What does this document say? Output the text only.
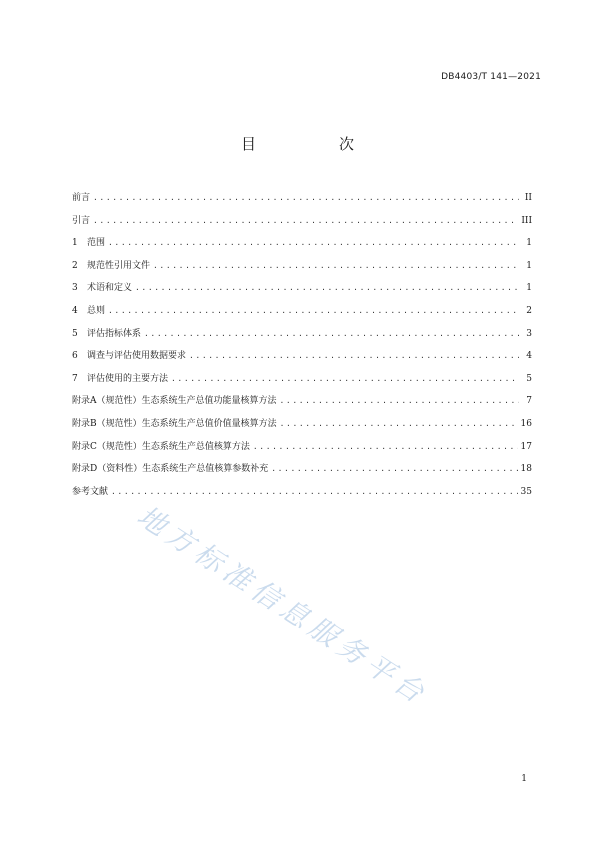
DB4403/T 141—2021
目　次
前言 .....	II
引言 .....	III
1	范围 .....	1
2	规范性引用文件 .....	1
3	术语和定义 .....	1
4	总则 .....	2
5	评估指标体系 .....	3
6	调查与评估使用数据要求 .....	4
7	评估使用的主要方法 .....	5
附录A（规范性）生态系统生产总值功能量核算方法 .....	7
附录B（规范性）生态系统生产总值价值量核算方法 .....	16
附录C（规范性）生态系统生产总值核算方法 .....	17
附录D（资料性）生态系统生产总值核算参数补充 .....	18
参考文献 .....	35
地方标准信息服务平台
1
